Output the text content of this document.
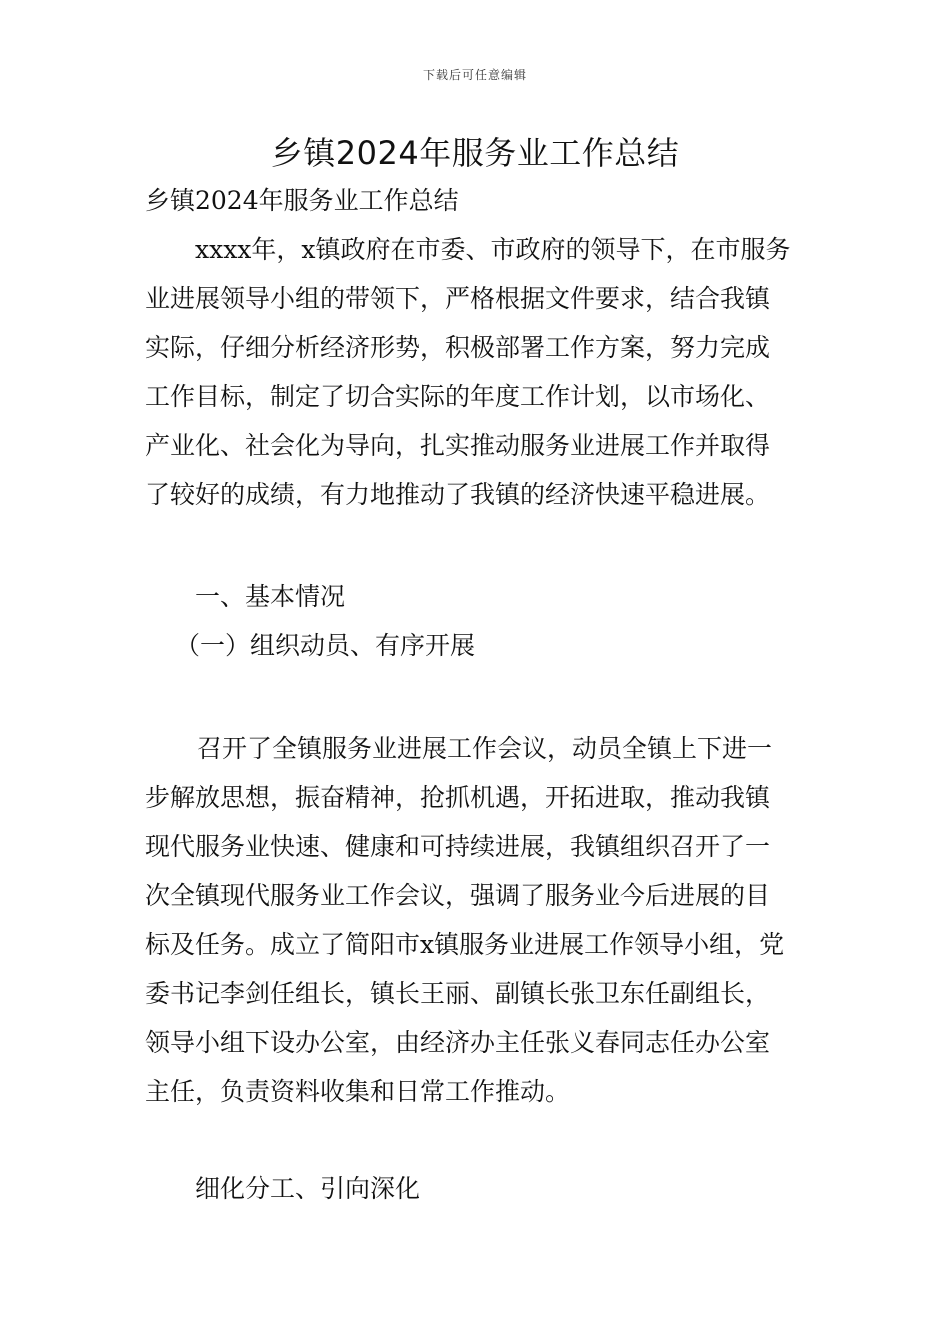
下载后可任意编辑
乡镇2024年服务业工作总结
乡镇2024年服务业工作总结
xxxx年，x镇政府在市委、市政府的领导下，在市服务
业进展领导小组的带领下，严格根据文件要求，结合我镇
实际，仔细分析经济形势，积极部署工作方案，努力完成
工作目标，制定了切合实际的年度工作计划，以市场化、
产业化、社会化为导向，扎实推动服务业进展工作并取得
了较好的成绩，有力地推动了我镇的经济快速平稳进展。
一、基本情况
（一）组织动员、有序开展
召开了全镇服务业进展工作会议，动员全镇上下进一
步解放思想，振奋精神，抢抓机遇，开拓进取，推动我镇
现代服务业快速、健康和可持续进展，我镇组织召开了一
次全镇现代服务业工作会议，强调了服务业今后进展的目
标及任务。成立了简阳市x镇服务业进展工作领导小组，党
委书记李剑任组长，镇长王丽、副镇长张卫东任副组长，
领导小组下设办公室，由经济办主任张义春同志任办公室
主任，负责资料收集和日常工作推动。
细化分工、引向深化
